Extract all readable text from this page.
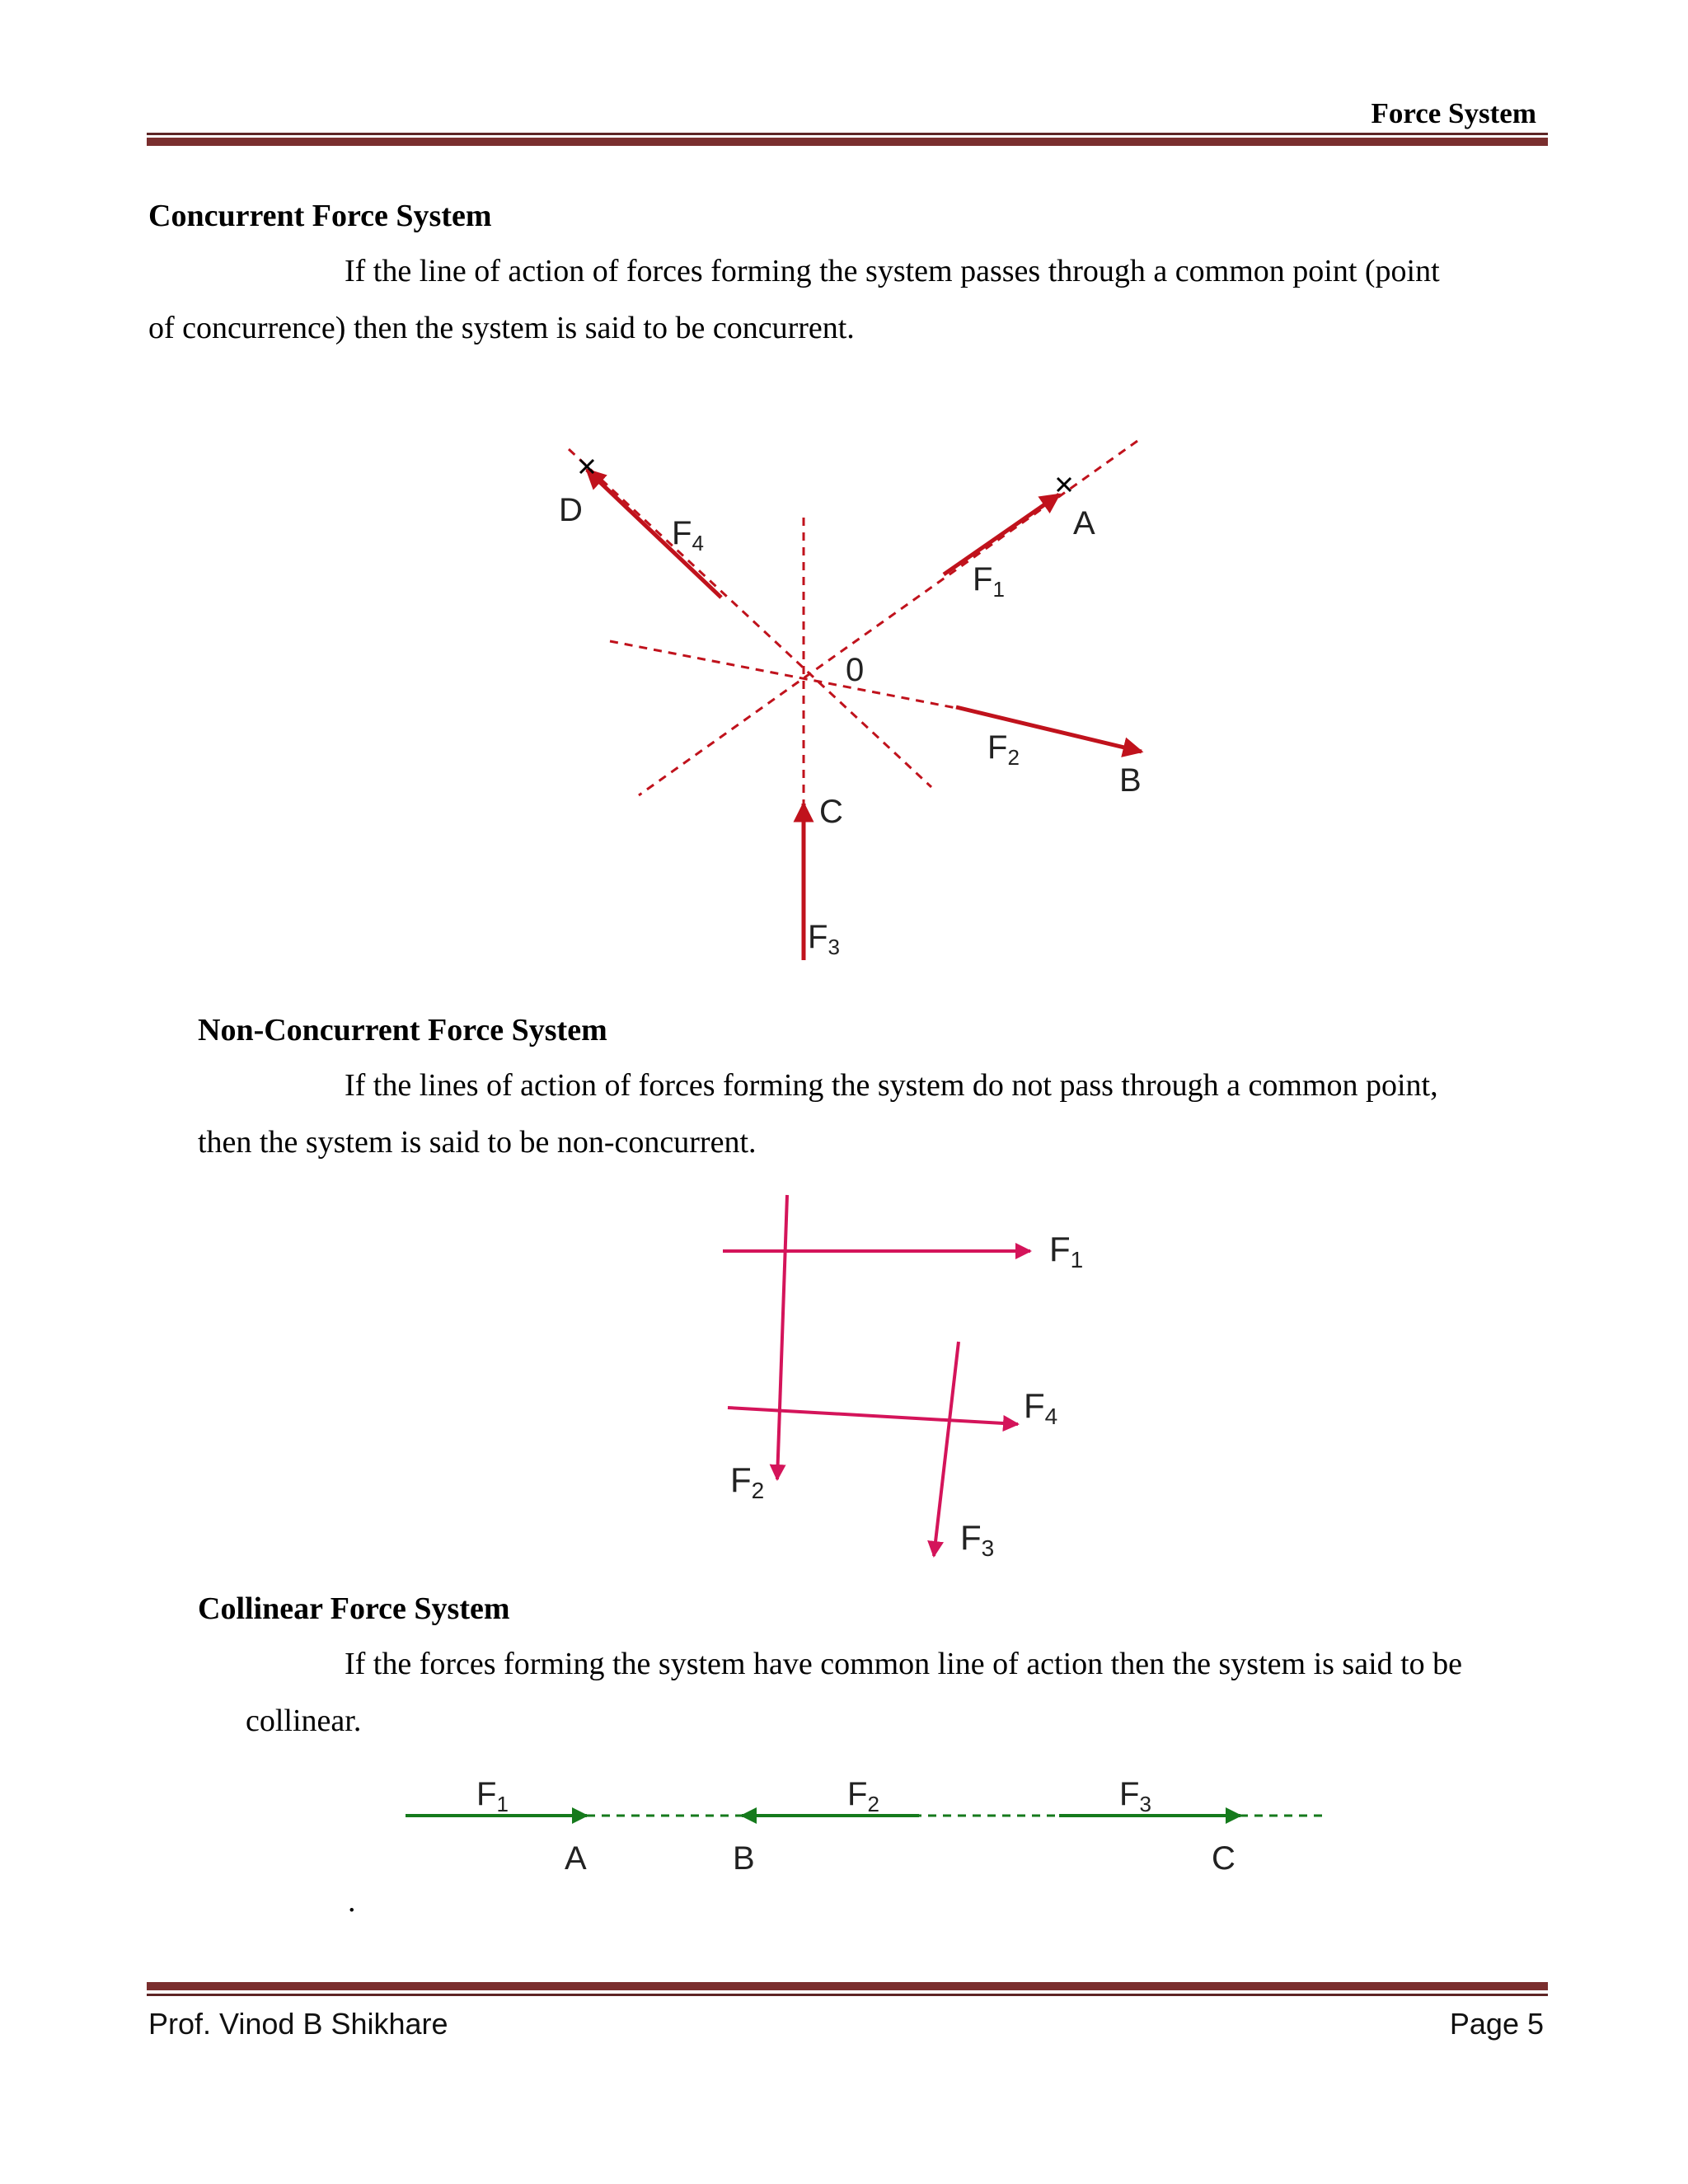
Force System
Concurrent Force System
If the line of action of forces forming the system passes through a common point (point
of concurrence) then the system is said to be concurrent.
A
B
C
D
0
$F_1$
$F_2$
$F_3$
$F_4$
F1
F2
F3
F4
$F_1$	$F_2$	$F_3$
A	B	C
Non-Concurrent Force System
If the lines of action of forces forming the system do not pass through a common point,
then the system is said to be non-concurrent.
Collinear Force System
If the forces forming the system have common line of action then the system is said to be
collinear.
.
Prof. Vinod B Shikhare	Page 5
